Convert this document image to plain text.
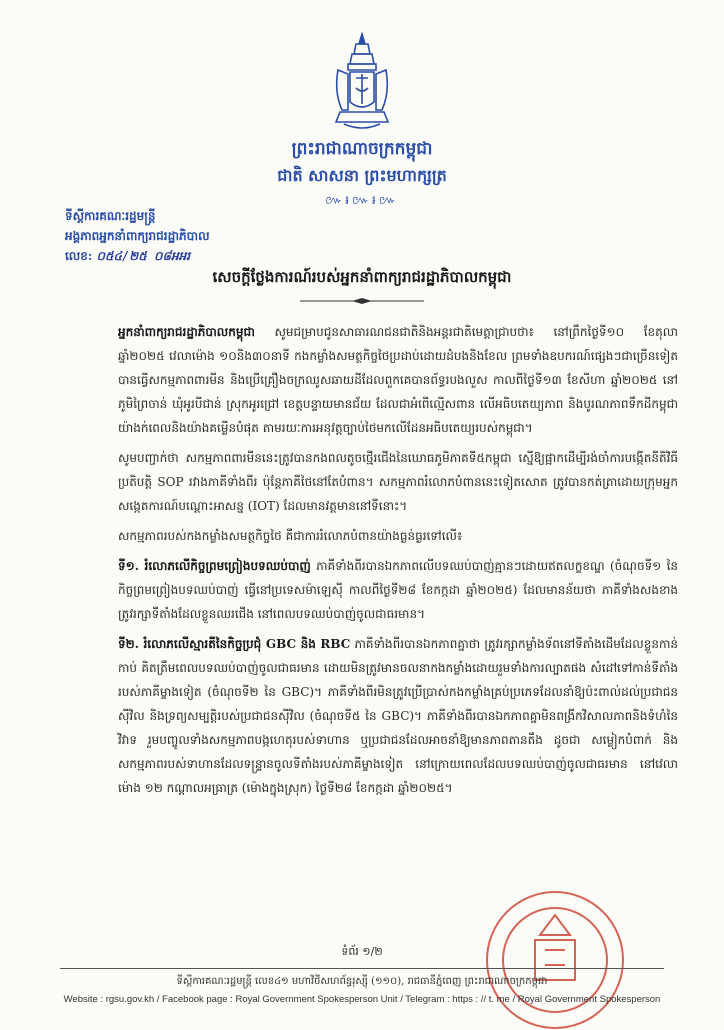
ព្រះរាជាណាចក្រកម្ពុជា
ជាតិ សាសនា ព្រះមហាក្សត្រ
៚៛៚៛៚
ទីស្តីការគណៈរដ្ឋមន្ត្រី
អង្គភាពអ្នកនាំពាក្យរាជរដ្ឋាភិបាល
លេខ: ០៥៤/២៥ ០៨អអរ
សេចក្តីថ្លែងការណ៍របស់អ្នកនាំពាក្យរាជរដ្ឋាភិបាលកម្ពុជា

អ្នកនាំពាក្យរាជរដ្ឋាភិបាលកម្ពុជា សូមជម្រាបជូនសាធារណជនជាតិនិងអន្តរជាតិមេត្តាជ្រាបថា៖ នៅព្រឹកថ្ងៃទី១០ ខែតុលា ឆ្នាំ២០២៥ វេលាម៉ោង ១០និង៣០នាទី កងកម្លាំងសមត្ថកិច្ចថៃប្រដាប់ដោយដំបងនិងខែល ព្រមទាំងឧបករណ៍ផ្សេងៗជាច្រើនទៀត បានធ្វើសកម្មភាពពារមីន និងប្រើគ្រឿងចក្រឈូសឆាយដីដែលពួកគេបានព័ទ្ធរបងលួស កាលពីថ្ងៃទី១៣ ខែសីហា ឆ្នាំ២០២៥ នៅភូមិព្រៃចាន់ ឃុំអូរបីជាន់ ស្រុកអូរជ្រៅ ខេត្តបន្ទាយមានជ័យ ដែលជាអំពើល្មើសពាន លើអធិបតេយ្យភាព និងបូរណភាពទឹកដីកម្ពុជាយ៉ាងក់ពេលនិងយ៉ាងគម្លើនបំផុត តាមរយៈការអនុវត្តច្បាប់ថៃមកលើដែនអធិបតេយ្យរបស់កម្ពុជា។

សូមបញ្ជាក់ថា សកម្មភាពពារមីននេះត្រូវបានកងពលតូចថ្មើរជើងនៃឃោធភូមិភាគទី៥កម្ពុជា ស្នើឱ្យផ្អាកដើម្បីរង់ចាំការបង្កើតនីតិវិធីប្រតិបត្តិ SOP រវាងភាគីទាំងពីរ ប៉ុន្តែភាគីថៃនៅតែបំពាន។ សកម្មភាពរំលោភបំពាននេះទៀតសោត ត្រូវបានកត់ត្រាដោយក្រុមអ្នកសង្កេតការណ៍បណ្តោះអាសន្ន (IOT) ដែលមានវត្តមាននៅទីនោះ។

សកម្មភាពរបស់កងកម្លាំងសមត្ថកិច្ចថៃ គឺជាការរំលោភបំពានយ៉ាងធ្ងន់ធ្ងរទៅលើ៖

ទី១. រំលោភលើកិច្ចព្រមព្រៀងបទឈប់បាញ់ ភាគីទាំងពីរបានឯកភាពលើបទឈប់បាញ់គ្មានៗដោយឥតលក្ខខណ្ឌ (ចំណុចទី១ នៃកិច្ចព្រមព្រៀងបទឈប់បាញ់ ធ្វើនៅប្រទេសម៉ាឡេស៊ី កាលពីថ្ងៃទី២៨ ខែកក្កដា ឆ្នាំ២០២៥) ដែលមានន័យថា ភាគីទាំងសងខាងត្រូវរក្សាទីតាំងដែលខ្លួនឈរជើង នៅពេលបទឈប់បាញ់ចូលជាធរមាន។

ទី២. រំលោភលើស្មារតីនៃកិច្ចប្រជុំ GBC និង RBC ភាគីទាំងពីរបានឯកភាពគ្នាថា ត្រូវរក្សាកម្លាំងទ័ពនៅទីតាំងដើមដែលខ្លួនកាន់កាប់ គិតត្រឹមពេលបទឈប់បាញ់ចូលជាធរមាន ដោយមិនត្រូវមានចលនាកងកម្លាំងដោយរួមទាំងការល្បាតផង សំដៅទៅកាន់ទីតាំងរបស់ភាគីម្ខាងទៀត (ចំណុចទី២ នៃ GBC)។ ភាគីទាំងពីរមិនត្រូវប្រើប្រាស់កងកម្លាំងគ្រប់ប្រភេទដែលនាំឱ្យប៉ះពាល់ដល់ប្រជាជនស៊ីវិល និងទ្រព្យសម្បត្តិរបស់ប្រជាជនស៊ីវិល (ចំណុចទី៥ នៃ GBC)។ ភាគីទាំងពីរបានឯកភាពគ្នាមិនពង្រីកវិសាលភាពនិងទំហំនៃវិវាទ រួមបញ្ចូលទាំងសកម្មភាពបង្កហេតុរបស់ទាហាន ឬប្រជាជនដែលអាចនាំឱ្យមានភាពតានតឹង ដូចជា សម្លៀកបំពាក់ និងសកម្មភាពរបស់ទាហានដែលទន្ទ្រានចូលទីតាំងរបស់ភាគីម្ខាងទៀត នៅក្រោយពេលដែលបទឈប់បាញ់ចូលជាធរមាន នៅវេលាម៉ោង ១២ កណ្តាលអធ្រាត្រ (ម៉ោងក្នុងស្រុក) ថ្ងៃទី២៨ ខែកក្កដា ឆ្នាំ២០២៥។

ទំព័រ ១/២
ទីស្តីការគណៈរដ្ឋមន្ត្រី លេខ៤១ មហាវិថីសហព័ន្ធរុស្ស៊ី (១១០), រាជធានីភ្នំពេញ ព្រះរាជាណាចក្រកម្ពុជា
Website : rgsu.gov.kh / Facebook page : Royal Government Spokesperson Unit / Telegram : https : // t. me / Royal Government Spokesperson
